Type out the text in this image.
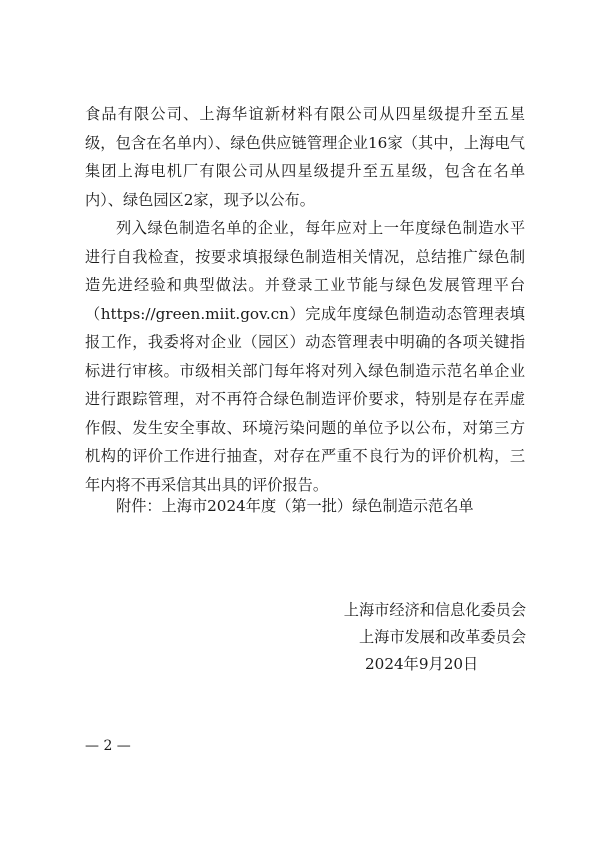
食品有限公司、上海华谊新材料有限公司从四星级提升至五星级，包含在名单内）、绿色供应链管理企业16家（其中，上海电气集团上海电机厂有限公司从四星级提升至五星级，包含在名单内）、绿色园区2家，现予以公布。
列入绿色制造名单的企业，每年应对上一年度绿色制造水平进行自我检查，按要求填报绿色制造相关情况，总结推广绿色制造先进经验和典型做法。并登录工业节能与绿色发展管理平台（https://green.miit.gov.cn）完成年度绿色制造动态管理表填报工作，我委将对企业（园区）动态管理表中明确的各项关键指标进行审核。市级相关部门每年将对列入绿色制造示范名单企业进行跟踪管理，对不再符合绿色制造评价要求，特别是存在弄虚作假、发生安全事故、环境污染问题的单位予以公布，对第三方机构的评价工作进行抽查，对存在严重不良行为的评价机构，三年内将不再采信其出具的评价报告。
附件：上海市2024年度（第一批）绿色制造示范名单
上海市经济和信息化委员会
上海市发展和改革委员会
2024年9月20日
— 2 —
